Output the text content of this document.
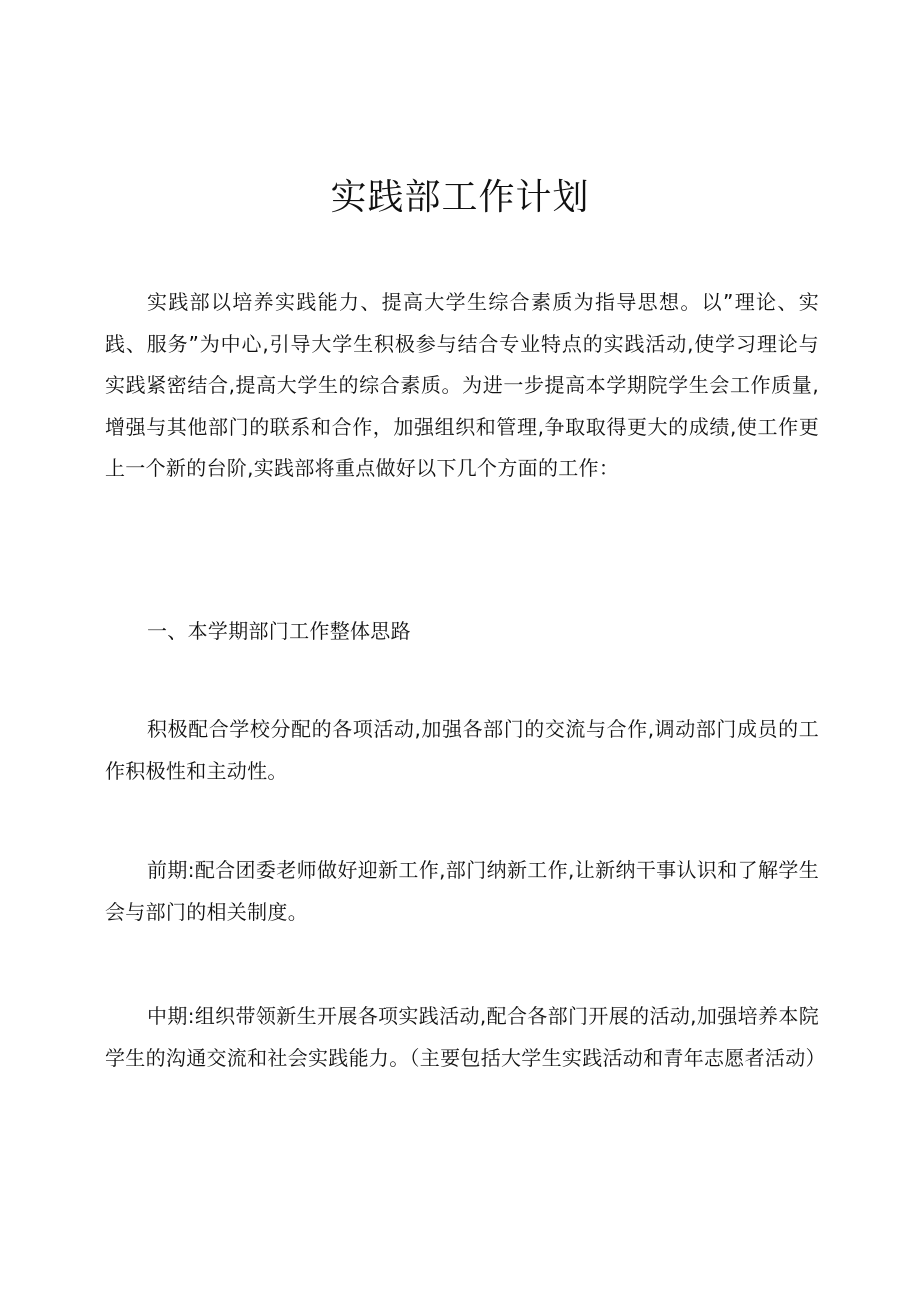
实践部工作计划

实践部以培养实践能力、提高大学生综合素质为指导思想。以”理论、实践、服务”为中心,引导大学生积极参与结合专业特点的实践活动,使学习理论与实践紧密结合,提高大学生的综合素质。为进一步提高本学期院学生会工作质量,增强与其他部门的联系和合作，加强组织和管理,争取取得更大的成绩,使工作更上一个新的台阶,实践部将重点做好以下几个方面的工作：

一、本学期部门工作整体思路

积极配合学校分配的各项活动,加强各部门的交流与合作,调动部门成员的工作积极性和主动性。

前期:配合团委老师做好迎新工作,部门纳新工作,让新纳干事认识和了解学生会与部门的相关制度。

中期:组织带领新生开展各项实践活动,配合各部门开展的活动,加强培养本院学生的沟通交流和社会实践能力。（主要包括大学生实践活动和青年志愿者活动）
